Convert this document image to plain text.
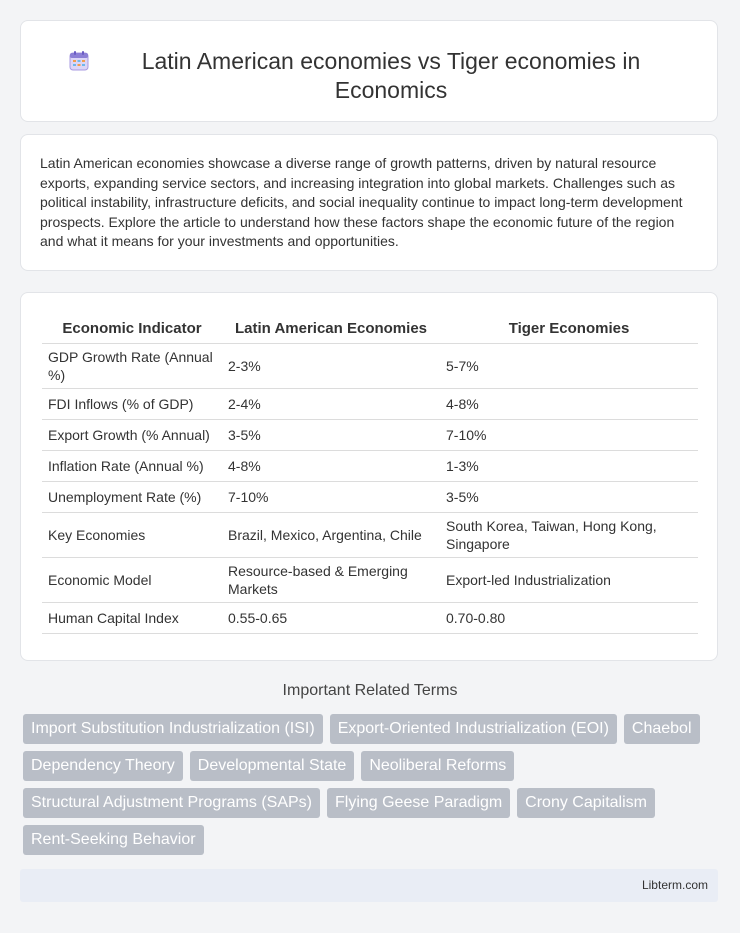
Latin American economies vs Tiger economies in Economics

Latin American economies showcase a diverse range of growth patterns, driven by natural resource exports, expanding service sectors, and increasing integration into global markets. Challenges such as political instability, infrastructure deficits, and social inequality continue to impact long-term development prospects. Explore the article to understand how these factors shape the economic future of the region and what it means for your investments and opportunities.

Economic Indicator	Latin American Economies	Tiger Economies
GDP Growth Rate (Annual %)	2-3%	5-7%
FDI Inflows (% of GDP)	2-4%	4-8%
Export Growth (% Annual)	3-5%	7-10%
Inflation Rate (Annual %)	4-8%	1-3%
Unemployment Rate (%)	7-10%	3-5%
Key Economies	Brazil, Mexico, Argentina, Chile	South Korea, Taiwan, Hong Kong, Singapore
Economic Model	Resource-based & Emerging Markets	Export-led Industrialization
Human Capital Index	0.55-0.65	0.70-0.80
Important Related Terms
Import Substitution Industrialization (ISI)	Export-Oriented Industrialization (EOI)	Chaebol
Dependency Theory	Developmental State	Neoliberal Reforms
Structural Adjustment Programs (SAPs)	Flying Geese Paradigm	Crony Capitalism
Rent-Seeking Behavior
Libterm.com
